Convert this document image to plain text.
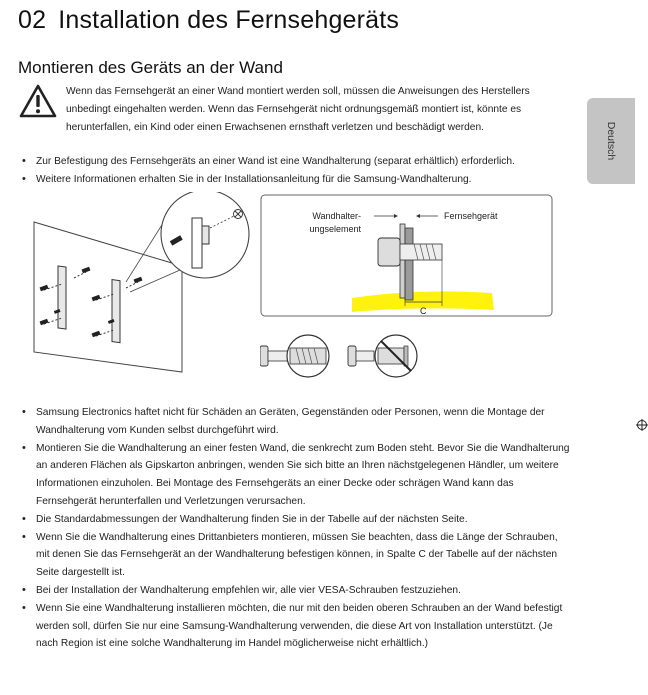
02 Installation des Fernsehgeräts
Montieren des Geräts an der Wand

Wenn das Fernsehgerät an einer Wand montiert werden soll, müssen die Anweisungen des Herstellers unbedingt eingehalten werden. Wenn das Fernsehgerät nicht ordnungsgemäß montiert ist, könnte es herunterfallen, ein Kind oder einen Erwachsenen ernsthaft verletzen und beschädigt werden.

• Zur Befestigung des Fernsehgeräts an einer Wand ist eine Wandhalterung (separat erhältlich) erforderlich.
• Weitere Informationen erhalten Sie in der Installationsanleitung für die Samsung-Wandhalterung.
Wandhalter-
ungselement
Fernsehgerät
C
• Samsung Electronics haftet nicht für Schäden an Geräten, Gegenständen oder Personen, wenn die Montage der Wandhalterung vom Kunden selbst durchgeführt wird.
• Montieren Sie die Wandhalterung an einer festen Wand, die senkrecht zum Boden steht. Bevor Sie die Wandhalterung an anderen Flächen als Gipskarton anbringen, wenden Sie sich bitte an Ihren nächstgelegenen Händler, um weitere Informationen einzuholen. Bei Montage des Fernsehgeräts an einer Decke oder schrägen Wand kann das Fernsehgerät herunterfallen und Verletzungen verursachen.
• Die Standardabmessungen der Wandhalterung finden Sie in der Tabelle auf der nächsten Seite.
• Wenn Sie die Wandhalterung eines Drittanbieters montieren, müssen Sie beachten, dass die Länge der Schrauben, mit denen Sie das Fernsehgerät an der Wandhalterung befestigen können, in Spalte C der Tabelle auf der nächsten Seite dargestellt ist.
• Bei der Installation der Wandhalterung empfehlen wir, alle vier VESA-Schrauben festzuziehen.
• Wenn Sie eine Wandhalterung installieren möchten, die nur mit den beiden oberen Schrauben an der Wand befestigt werden soll, dürfen Sie nur eine Samsung-Wandhalterung verwenden, die diese Art von Installation unterstützt. (Je nach Region ist eine solche Wandhalterung im Handel möglicherweise nicht erhältlich.)
Deutsch
